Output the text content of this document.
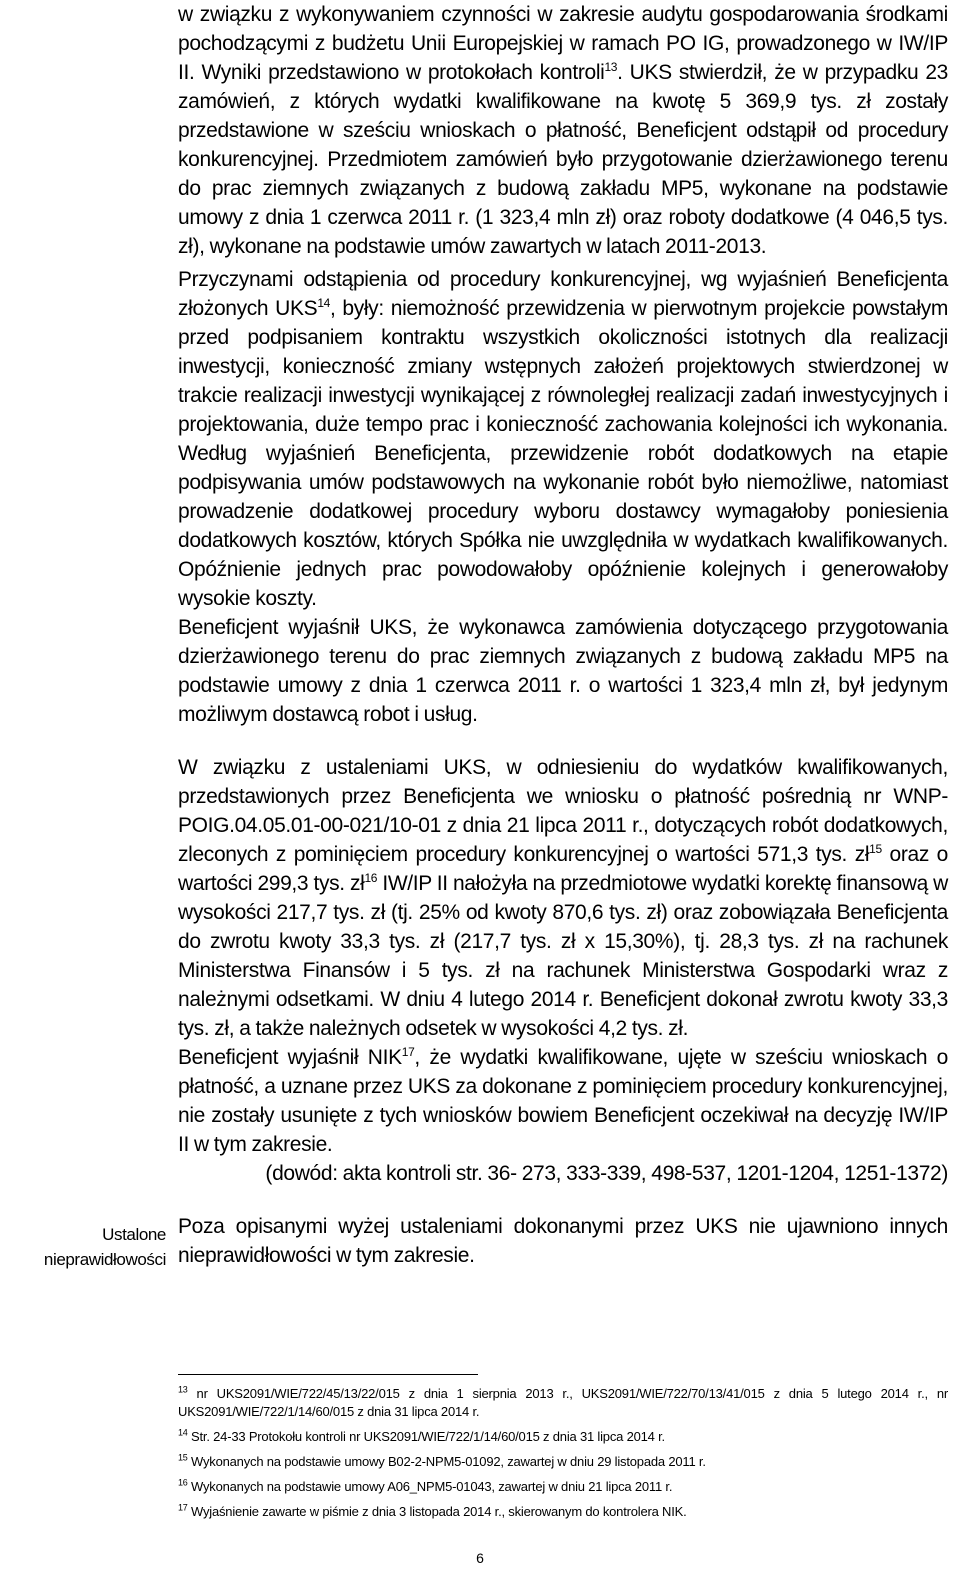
w związku z wykonywaniem czynności w zakresie audytu gospodarowania środkami pochodzącymi z budżetu Unii Europejskiej w ramach PO IG, prowadzonego w IW/IP II. Wyniki przedstawiono w protokołach kontroli$^{13}$. UKS stwierdził, że w przypadku 23 zamówień, z których wydatki kwalifikowane na kwotę 5 369,9 tys. zł zostały przedstawione w sześciu wnioskach o płatność, Beneficjent odstąpił od procedury konkurencyjnej. Przedmiotem zamówień było przygotowanie dzierżawionego terenu do prac ziemnych związanych z budową zakładu MP5, wykonane na podstawie umowy z dnia 1 czerwca 2011 r. (1 323,4 mln zł) oraz roboty dodatkowe (4 046,5 tys. zł), wykonane na podstawie umów zawartych w latach 2011-2013.

Przyczynami odstąpienia od procedury konkurencyjnej, wg wyjaśnień Beneficjenta złożonych UKS$^{14}$, były: niemożność przewidzenia w pierwotnym projekcie powstałym przed podpisaniem kontraktu wszystkich okoliczności istotnych dla realizacji inwestycji, konieczność zmiany wstępnych założeń projektowych stwierdzonej w trakcie realizacji inwestycji wynikającej z równoległej realizacji zadań inwestycyjnych i projektowania, duże tempo prac i konieczność zachowania kolejności ich wykonania. Według wyjaśnień Beneficjenta, przewidzenie robót dodatkowych na etapie podpisywania umów podstawowych na wykonanie robót było niemożliwe, natomiast prowadzenie dodatkowej procedury wyboru dostawcy wymagałoby poniesienia dodatkowych kosztów, których Spółka nie uwzględniła w wydatkach kwalifikowanych. Opóźnienie jednych prac powodowałoby opóźnienie kolejnych i generowałoby wysokie koszty.

Beneficjent wyjaśnił UKS, że wykonawca zamówienia dotyczącego przygotowania dzierżawionego terenu do prac ziemnych związanych z budową zakładu MP5 na podstawie umowy z dnia 1 czerwca 2011 r. o wartości 1 323,4 mln zł, był jedynym możliwym dostawcą robot i usług.

W związku z ustaleniami UKS, w odniesieniu do wydatków kwalifikowanych, przedstawionych przez Beneficjenta we wniosku o płatność pośrednią nr WNP-POIG.04.05.01-00-021/10-01 z dnia 21 lipca 2011 r., dotyczących robót dodatkowych, zleconych z pominięciem procedury konkurencyjnej o wartości 571,3 tys. $zł^{15}$ oraz o wartości 299,3 tys. $zł^{16}$ IW/IP II nałożyła na przedmiotowe wydatki korektę finansową w wysokości 217,7 tys. zł (tj. 25% od kwoty 870,6 tys. zł) oraz zobowiązała Beneficjenta do zwrotu kwoty 33,3 tys. zł (217,7 tys. zł x 15,30%), tj. 28,3 tys. zł na rachunek Ministerstwa Finansów i 5 tys. zł na rachunek Ministerstwa Gospodarki wraz z należnymi odsetkami. W dniu 4 lutego 2014 r. Beneficjent dokonał zwrotu kwoty 33,3 tys. zł, a także należnych odsetek w wysokości 4,2 tys. zł.

Beneficjent wyjaśnił NIK$^{17}$, że wydatki kwalifikowane, ujęte w sześciu wnioskach o płatność, a uznane przez UKS za dokonane z pominięciem procedury konkurencyjnej, nie zostały usunięte z tych wniosków bowiem Beneficjent oczekiwał na decyzję IW/IP II w tym zakresie.

(dowód: akta kontroli str. 36- 273, 333-339, 498-537, 1201-1204, 1251-1372)

Poza opisanymi wyżej ustaleniami dokonanymi przez UKS nie ujawniono innych nieprawidłowości w tym zakresie.

Ustalone
nieprawidłowości

$^{13}$ nr UKS2091/WIE/722/45/13/22/015 z dnia 1 sierpnia 2013 r., UKS2091/WIE/722/70/13/41/015 z dnia 5 lutego 2014 r., nr UKS2091/WIE/722/1/14/60/015 z dnia 31 lipca 2014 r.

$^{14}$ Str. 24-33 Protokołu kontroli nr UKS2091/WIE/722/1/14/60/015 z dnia 31 lipca 2014 r.

$^{15}$ Wykonanych na podstawie umowy B02-2-NPM5-01092, zawartej w dniu 29 listopada 2011 r.

$^{16}$ Wykonanych na podstawie umowy A06_NPM5-01043, zawartej w dniu 21 lipca 2011 r.

$^{17}$ Wyjaśnienie zawarte w piśmie z dnia 3 listopada 2014 r., skierowanym do kontrolera NIK.

6
